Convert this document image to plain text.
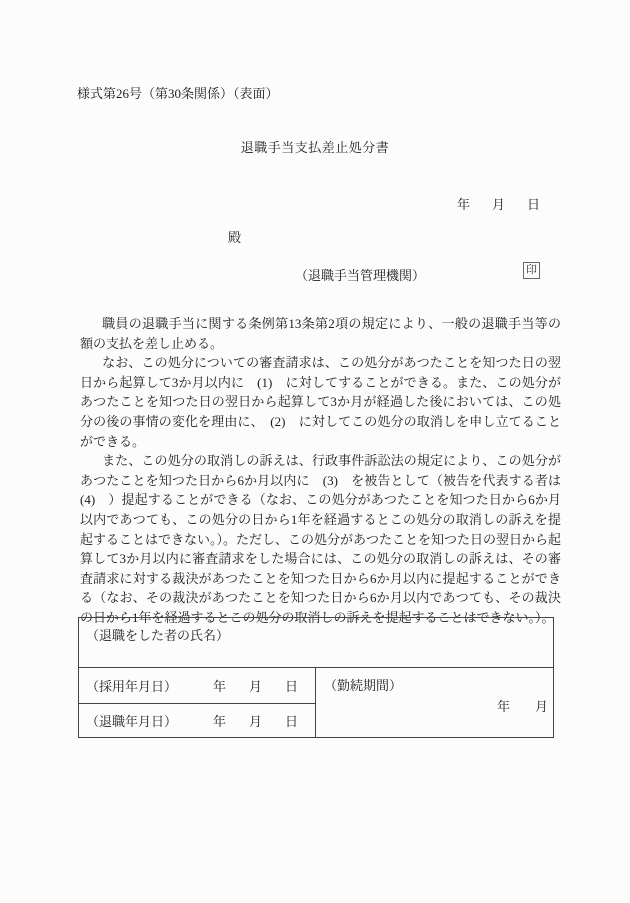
様式第26号（第30条関係）（表面）
退職手当支払差止処分書
年 月 日
殿
（退職手当管理機関）	印

職員の退職手当に関する条例第13条第2項の規定により、一般の退職手当等の額の支払を差し止める。

なお、この処分についての審査請求は、この処分があつたことを知つた日の翌日から起算して3か月以内に　(1)　に対してすることができる。また、この処分があつたことを知つた日の翌日から起算して3か月が経過した後においては、この処分の後の事情の変化を理由に、　(2)　に対してこの処分の取消しを申し立てることができる。

また、この処分の取消しの訴えは、行政事件訴訟法の規定により、この処分があつたことを知つた日から6か月以内に　(3)　を被告として（被告を代表する者は　(4)　）提起することができる（なお、この処分があつたことを知つた日から6か月以内であつても、この処分の日から1年を経過するとこの処分の取消しの訴えを提起することはできない。）。ただし、この処分があつたことを知つた日の翌日から起算して3か月以内に審査請求をした場合には、この処分の取消しの訴えは、その審査請求に対する裁決があつたことを知つた日から6か月以内に提起することができる（なお、その裁決があつたことを知つた日から6か月以内であつても、その裁決の日から1年を経過するとこの処分の取消しの訴えを提起することはできない。）。

（退職をした者の氏名）

（採用年月日）	年 月 日	（勤続期間）
年 月

（退職年月日）	年 月 日
